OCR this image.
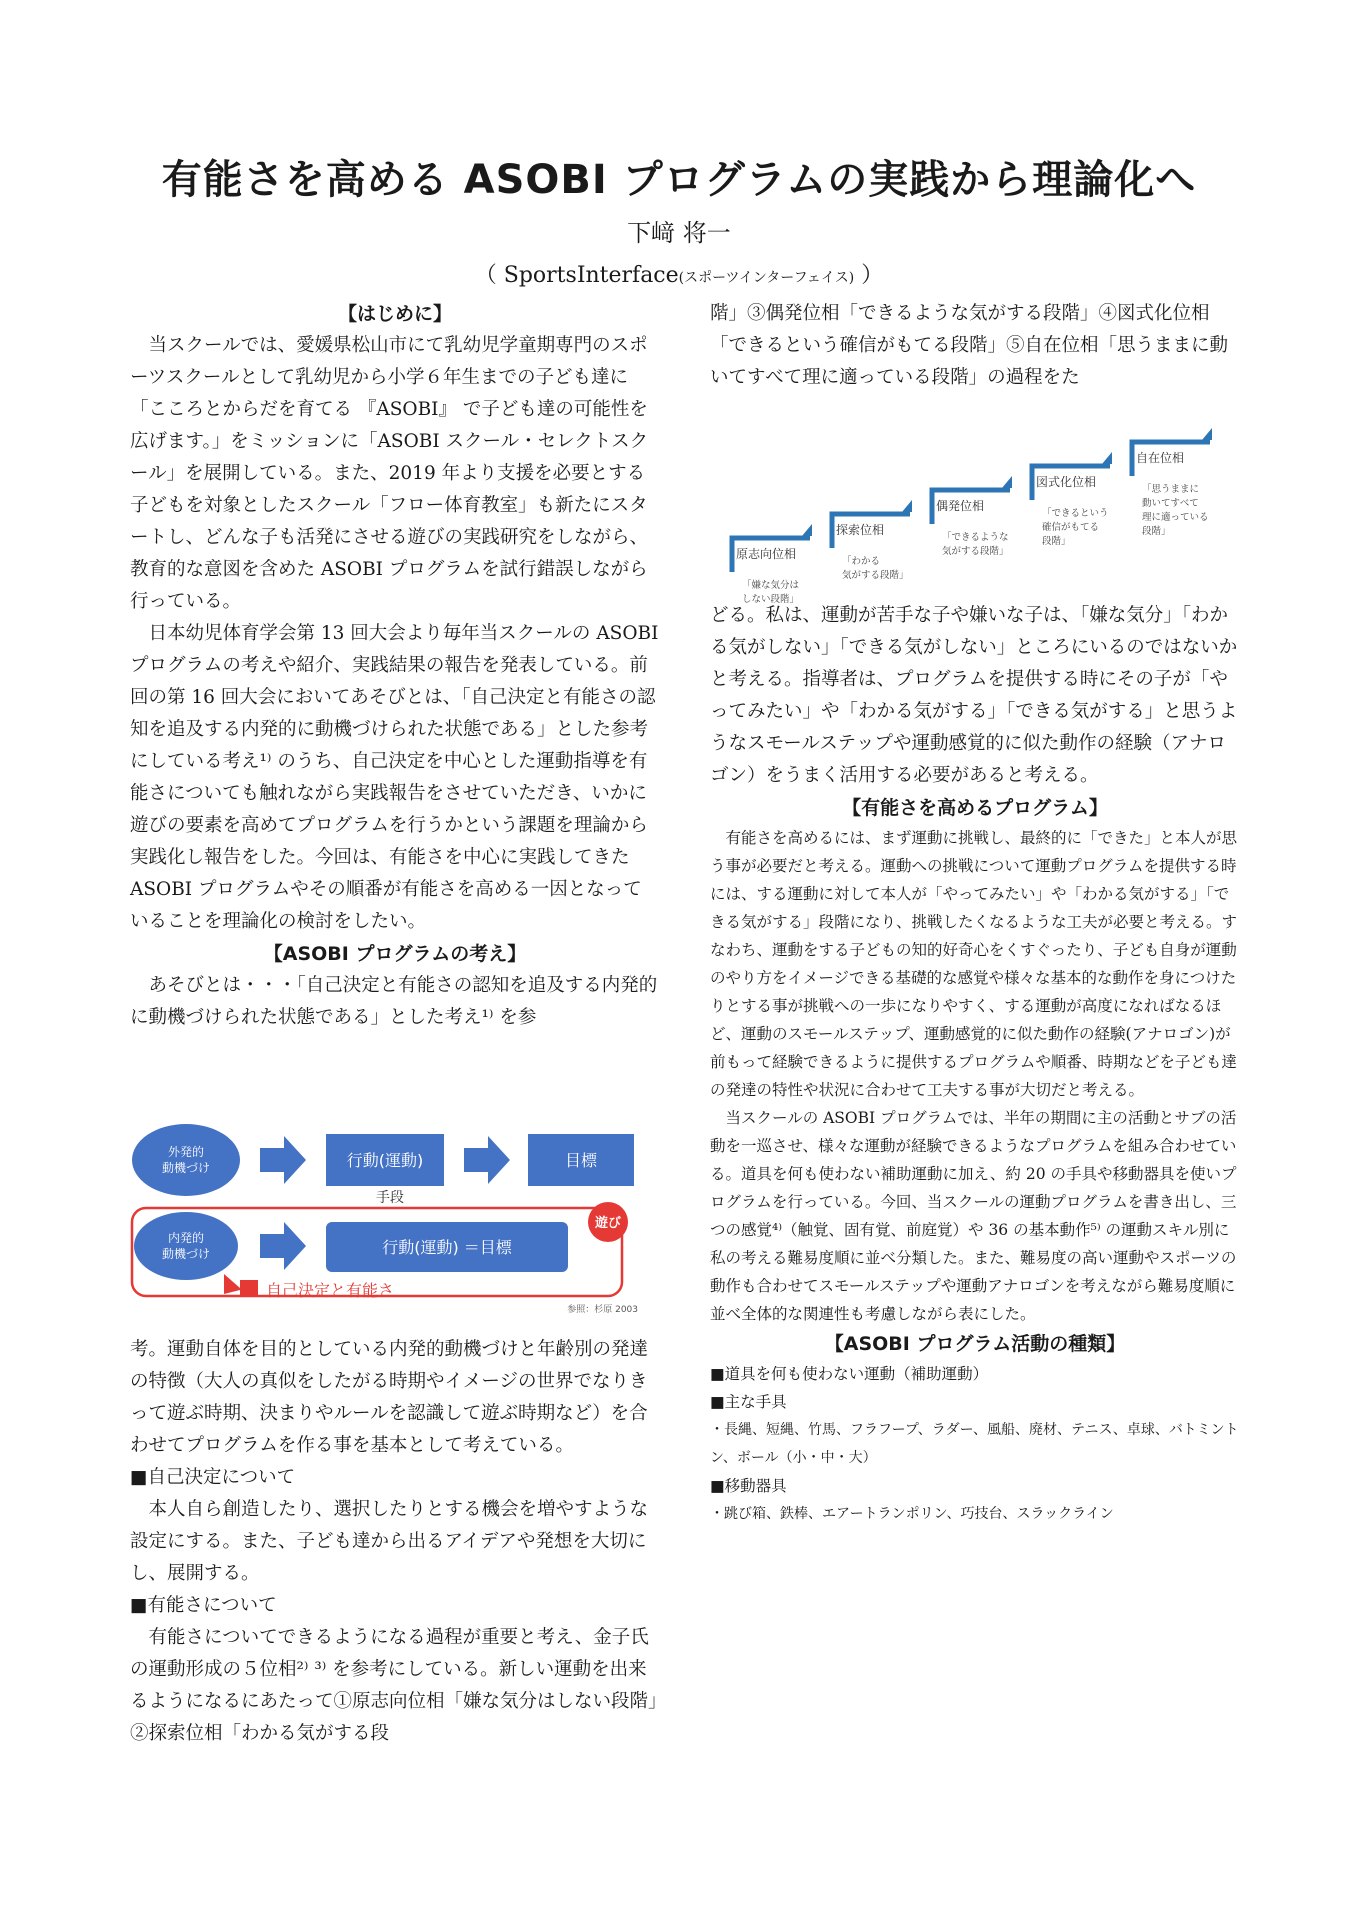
有能さを高める ASOBI プログラムの実践から理論化へ
下﨑 将一
（ SportsInterface(スポーツインターフェイス) ）

【はじめに】

当スクールでは、愛媛県松山市にて乳幼児学童期専門のスポーツスクールとして乳幼児から小学６年生までの子ども達に「こころとからだを育てる 『ASOBI』 で子ども達の可能性を広げます。」をミッションに「ASOBI スクール・セレクトスクール」を展開している。また、2019 年より支援を必要とする子どもを対象としたスクール「フロー体育教室」も新たにスタートし、どんな子も活発にさせる遊びの実践研究をしながら、教育的な意図を含めた ASOBI プログラムを試行錯誤しながら行っている。

日本幼児体育学会第 13 回大会より毎年当スクールの ASOBI プログラムの考えや紹介、実践結果の報告を発表している。前回の第 16 回大会においてあそびとは、「自己決定と有能さの認知を追及する内発的に動機づけられた状態である」とした参考にしている考え¹⁾ のうち、自己決定を中心とした運動指導を有能さについても触れながら実践報告をさせていただき、いかに遊びの要素を高めてプログラムを行うかという課題を理論から実践化し報告をした。今回は、有能さを中心に実践してきた ASOBI プログラムやその順番が有能さを高める一因となっていることを理論化の検討をしたい。

【ASOBI プログラムの考え】

あそびとは・・・「自己決定と有能さの認知を追及する内発的に動機づけられた状態である」とした考え¹⁾ を参

外発的
動機づけ	行動(運動)	目標
手段
内発的
動機づけ	行動(運動) ＝目標
遊び
自己決定と有能さ
参照：杉原 2003

考。運動自体を目的としている内発的動機づけと年齢別の発達の特徴（大人の真似をしたがる時期やイメージの世界でなりきって遊ぶ時期、決まりやルールを認識して遊ぶ時期など）を合わせてプログラムを作る事を基本として考えている。

■自己決定について

本人自ら創造したり、選択したりとする機会を増やすような設定にする。また、子ども達から出るアイデアや発想を大切にし、展開する。

■有能さについて

有能さについてできるようになる過程が重要と考え、金子氏の運動形成の５位相²⁾ ³⁾ を参考にしている。新しい運動を出来るようになるにあたって①原志向位相「嫌な気分はしない段階」②探索位相「わかる気がする段

階」③偶発位相「できるような気がする段階」④図式化位相「できるという確信がもてる段階」⑤自在位相「思うままに動いてすべて理に適っている段階」の過程をた

原志向位相
「嫌な気分は
しない段階」
探索位相
「わかる
気がする段階」
偶発位相
「できるような
気がする段階」
図式化位相
「できるという
確信がもてる
段階」
自在位相
「思うままに
動いてすべて
理に適っている
段階」

どる。私は、運動が苦手な子や嫌いな子は、「嫌な気分」「わかる気がしない」「できる気がしない」ところにいるのではないかと考える。指導者は、プログラムを提供する時にその子が「やってみたい」や「わかる気がする」「できる気がする」と思うようなスモールステップや運動感覚的に似た動作の経験（アナロゴン）をうまく活用する必要があると考える。

【有能さを高めるプログラム】

有能さを高めるには、まず運動に挑戦し、最終的に「できた」と本人が思う事が必要だと考える。運動への挑戦について運動プログラムを提供する時には、する運動に対して本人が「やってみたい」や「わかる気がする」「できる気がする」段階になり、挑戦したくなるような工夫が必要と考える。すなわち、運動をする子どもの知的好奇心をくすぐったり、子ども自身が運動のやり方をイメージできる基礎的な感覚や様々な基本的な動作を身につけたりとする事が挑戦への一歩になりやすく、する運動が高度になればなるほど、運動のスモールステップ、運動感覚的に似た動作の経験(アナロゴン)が前もって経験できるように提供するプログラムや順番、時期などを子ども達の発達の特性や状況に合わせて工夫する事が大切だと考える。

当スクールの ASOBI プログラムでは、半年の期間に主の活動とサブの活動を一巡させ、様々な運動が経験できるようなプログラムを組み合わせている。道具を何も使わない補助運動に加え、約 20 の手具や移動器具を使いプログラムを行っている。今回、当スクールの運動プログラムを書き出し、三つの感覚⁴⁾（触覚、固有覚、前庭覚）や 36 の基本動作⁵⁾ の運動スキル別に私の考える難易度順に並べ分類した。また、難易度の高い運動やスポーツの動作も合わせてスモールステップや運動アナロゴンを考えながら難易度順に並べ全体的な関連性も考慮しながら表にした。

【ASOBI プログラム活動の種類】

■道具を何も使わない運動（補助運動）

■主な手具

・長縄、短縄、竹馬、フラフープ、ラダー、風船、廃材、テニス、卓球、バトミントン、ボール（小・中・大）

■移動器具

・跳び箱、鉄棒、エアートランポリン、巧技台、スラックライン
